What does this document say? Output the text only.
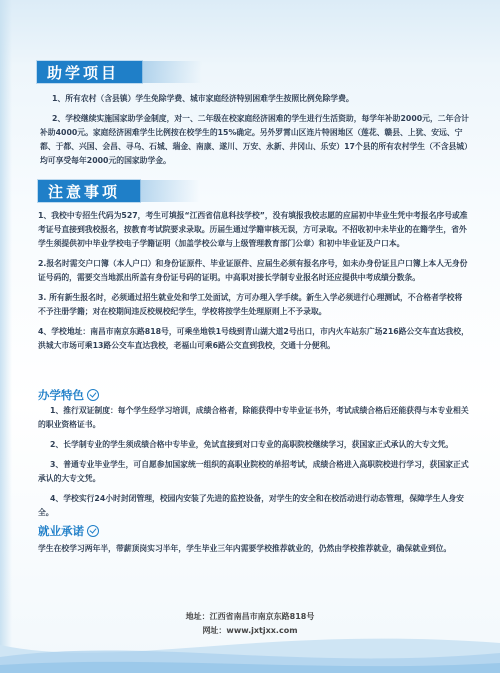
助学项目

1、所有农村（含县镇）学生免除学费、城市家庭经济特别困难学生按照比例免除学费。

2、学校继续实施国家助学金制度，对一、二年级在校家庭经济困难的学生进行生活资助，每学年补助2000元，二年合计补助4000元。家庭经济困难学生比例按在校学生的15%确定。另外罗霄山区连片特困地区（莲花、赣县、上犹、安远、宁都、于都、兴国、会昌、寻乌、石城、瑞金、南康、遂川、万安、永新、井冈山、乐安）17个县的所有农村学生（不含县城）均可享受每年2000元的国家助学金。

注意事项

1、我校中专招生代码为527，考生可填报“江西省信息科技学校”，没有填报我校志愿的应届初中毕业生凭中考报名序号或准考证号直接到我校报名，按教育考试院要求录取。历届生通过学籍审核无误，方可录取。不招收初中未毕业的在籍学生，省外学生须提供初中毕业学校电子学籍证明（加盖学校公章与上级管理教育部门公章）和初中毕业证及户口本。

2.报名时需交户口簿（本人户口）和身份证原件、毕业证原件、应届生必须有报名序号，如未办身份证且户口簿上本人无身份证号码的，需要交当地派出所盖有身份证号码的证明。中高职对接长学制专业报名时还应提供中考成绩分数条。

3. 所有新生报名时，必须通过招生就业处和学工处面试，方可办理入学手续。新生入学必须进行心理测试，不合格者学校将不予注册学籍；对在校期间违反校规校纪学生，学校将按学生处理原则上不予录取。

4、学校地址：南昌市南京东路818号，可乘坐地铁1号线到青山湖大道2号出口，市内火车站东广场216路公交车直达我校，洪城大市场可乘13路公交车直达我校，老福山可乘6路公交直到我校，交通十分便利。

办学特色

1、推行双证制度：每个学生经学习培训，成绩合格者，除能获得中专毕业证书外，考试成绩合格后还能获得与本专业相关的职业资格证书。

2、长学制专业的学生须成绩合格中专毕业，免试直接到对口专业的高职院校继续学习，获国家正式承认的大专文凭。

3、普通专业毕业学生，可自愿参加国家统一组织的高职业院校的单招考试，成绩合格进入高职院校进行学习，获国家正式承认的大专文凭。

4、学校实行24小时封闭管理，校园内安装了先进的监控设备，对学生的安全和在校活动进行动态管理，保障学生人身安全。

就业承诺

学生在校学习两年半，带薪顶岗实习半年，学生毕业三年内需要学校推荐就业的，仍然由学校推荐就业，确保就业到位。

地址：江西省南昌市南京东路818号
网址：www.jxtjxx.com
